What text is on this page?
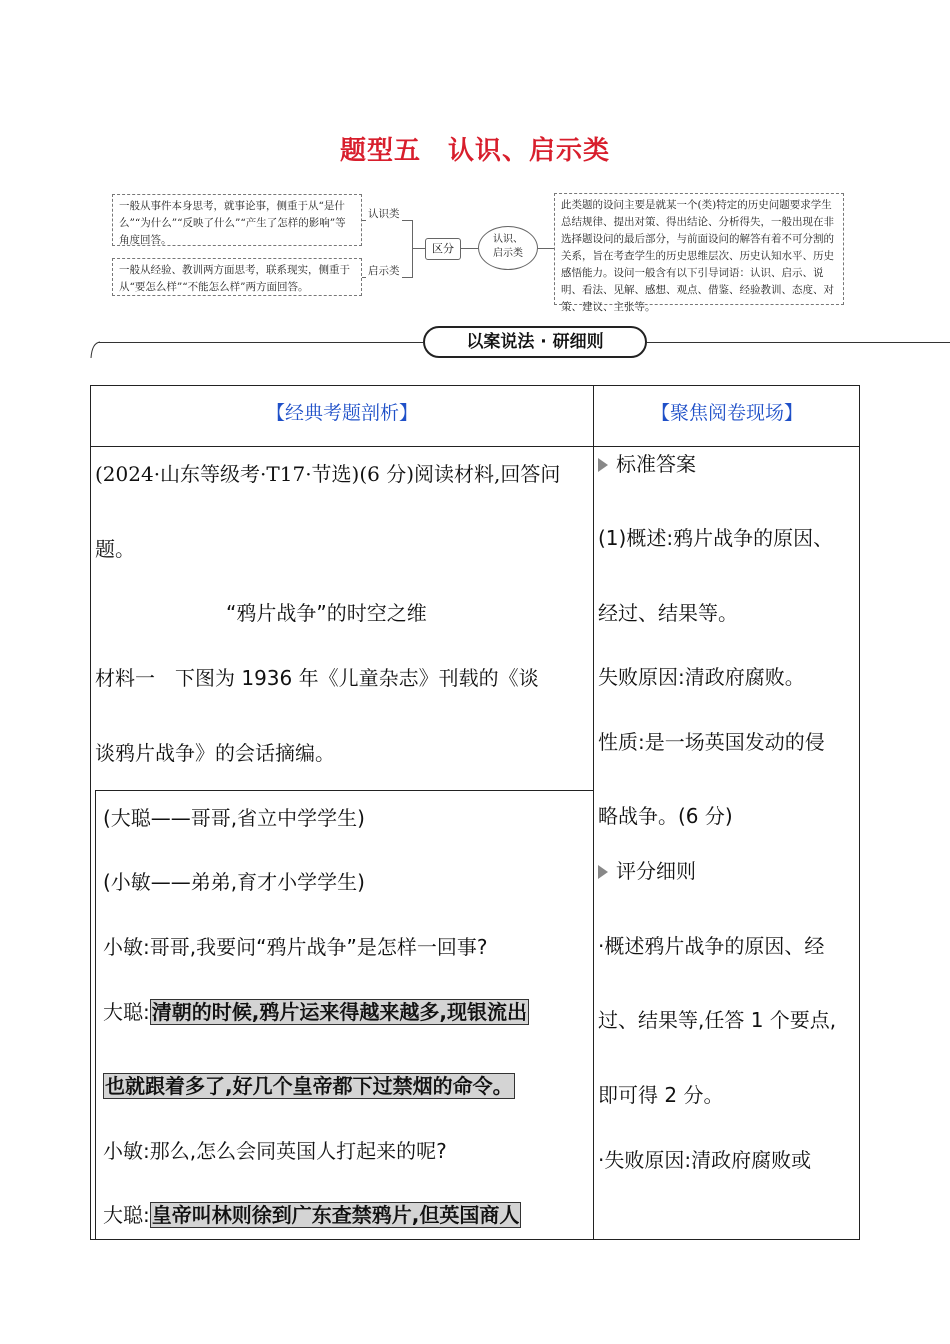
题型五　认识、启示类
一般从事件本身思考，就事论事，侧重于从“是什么”“为什么”“反映了什么”“产生了怎样的影响”等角度回答。
一般从经验、教训两方面思考，联系现实，侧重于从“要怎么样”“不能怎么样”两方面回答。
认识类
启示类
区分
认识、
启示类
此类题的设问主要是就某一个(类)特定的历史问题要求学生总结规律、提出对策、得出结论、分析得失，一般出现在非选择题设问的最后部分，与前面设问的解答有着不可分割的关系，旨在考查学生的历史思维层次、历史认知水平、历史感悟能力。设问一般含有以下引导词语：认识、启示、说明、看法、见解、感想、观点、借鉴、经验教训、态度、对策、建议、主张等。
以案说法 · 研细则
【经典考题剖析】	【聚焦阅卷现场】
(2024·山东等级考·T17·节选)(6 分)阅读材料,回答问
题。
“鸦片战争”的时空之维
材料一　下图为 1936 年《儿童杂志》刊载的《谈
谈鸦片战争》的会话摘编。
(大聪——哥哥,省立中学学生)
(小敏——弟弟,育才小学学生)
小敏:哥哥,我要问“鸦片战争”是怎样一回事?
大聪: 清朝的时候,鸦片运来得越来越多,现银流出
也就跟着多了,好几个皇帝都下过禁烟的命令。
小敏:那么,怎么会同英国人打起来的呢?
大聪: 皇帝叫林则徐到广东查禁鸦片,但英国商人
标准答案
(1)概述:鸦片战争的原因、
经过、结果等。
失败原因:清政府腐败。
性质:是一场英国发动的侵
略战争。(6 分)
评分细则
·概述鸦片战争的原因、经
过、结果等,任答 1 个要点,
即可得 2 分。
·失败原因:清政府腐败或
